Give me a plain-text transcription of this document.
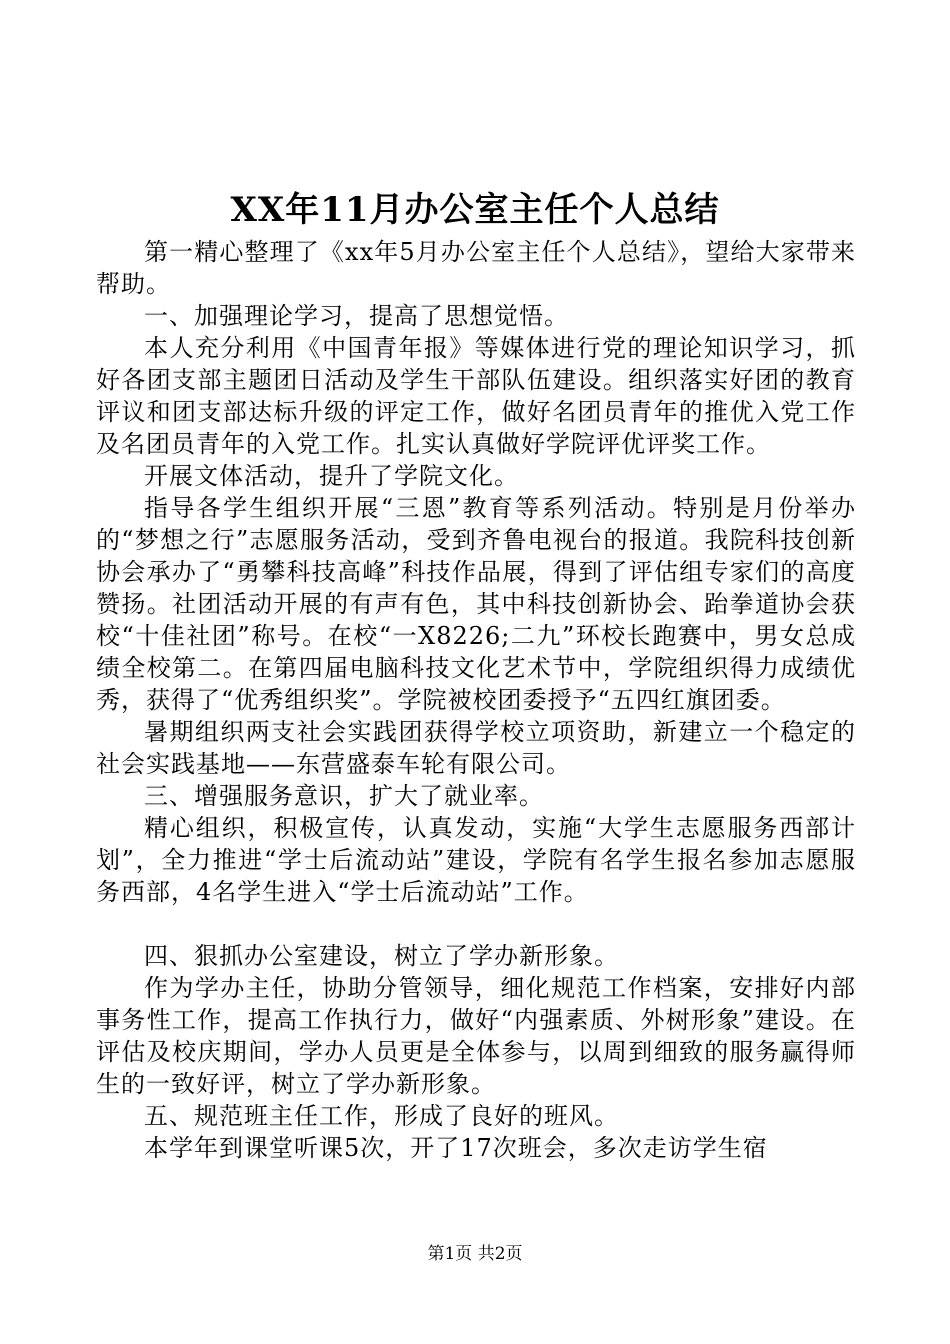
XX年11月办公室主任个人总结

第一精心整理了《xx年5月办公室主任个人总结》，望给大家带来帮助。

一、加强理论学习，提高了思想觉悟。

本人充分利用《中国青年报》等媒体进行党的理论知识学习，抓好各团支部主题团日活动及学生干部队伍建设。组织落实好团的教育评议和团支部达标升级的评定工作，做好名团员青年的推优入党工作及名团员青年的入党工作。扎实认真做好学院评优评奖工作。

开展文体活动，提升了学院文化。

指导各学生组织开展“三恩”教育等系列活动。特别是月份举办的“梦想之行”志愿服务活动，受到齐鲁电视台的报道。我院科技创新协会承办了“勇攀科技高峰”科技作品展，得到了评估组专家们的高度赞扬。社团活动开展的有声有色，其中科技创新协会、跆拳道协会获校“十佳社团”称号。在校“一X8226;二九”环校长跑赛中，男女总成绩全校第二。在第四届电脑科技文化艺术节中，学院组织得力成绩优秀，获得了“优秀组织奖”。学院被校团委授予“五四红旗团委。

暑期组织两支社会实践团获得学校立项资助，新建立一个稳定的社会实践基地——东营盛泰车轮有限公司。

三、增强服务意识，扩大了就业率。

精心组织，积极宣传，认真发动，实施“大学生志愿服务西部计划”，全力推进“学士后流动站”建设，学院有名学生报名参加志愿服务西部，4名学生进入“学士后流动站”工作。

四、狠抓办公室建设，树立了学办新形象。

作为学办主任，协助分管领导，细化规范工作档案，安排好内部事务性工作，提高工作执行力，做好“内强素质、外树形象”建设。在评估及校庆期间，学办人员更是全体参与，以周到细致的服务赢得师生的一致好评，树立了学办新形象。

五、规范班主任工作，形成了良好的班风。

本学年到课堂听课5次，开了17次班会，多次走访学生宿

第1页 共2页
